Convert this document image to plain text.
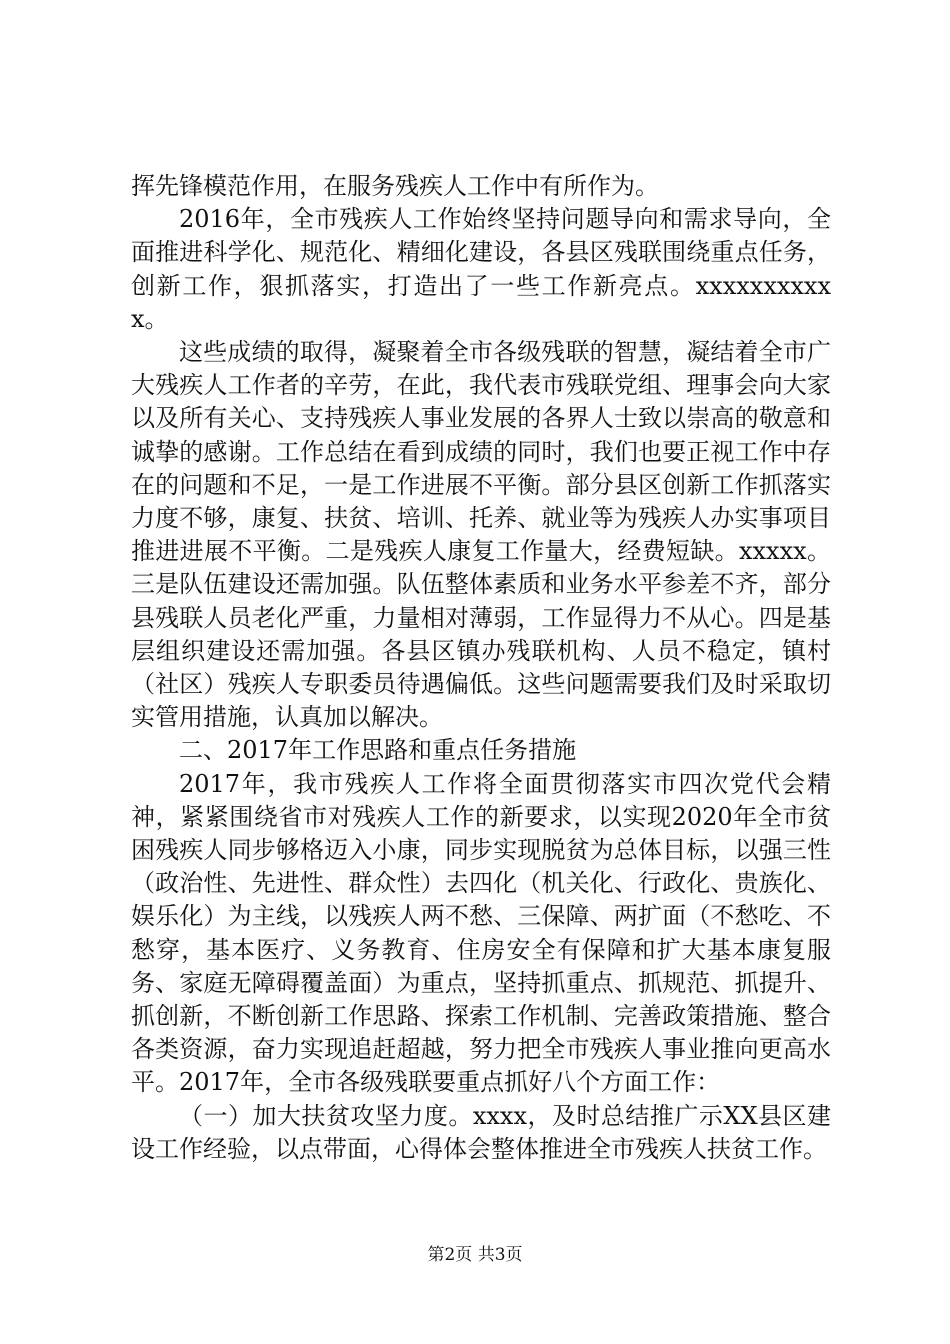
挥先锋模范作用，在服务残疾人工作中有所作为。

2016年，全市残疾人工作始终坚持问题导向和需求导向，全面推进科学化、规范化、精细化建设，各县区残联围绕重点任务，创新工作，狠抓落实，打造出了一些工作新亮点。xxxxxxxxxxx。

这些成绩的取得，凝聚着全市各级残联的智慧，凝结着全市广大残疾人工作者的辛劳，在此，我代表市残联党组、理事会向大家以及所有关心、支持残疾人事业发展的各界人士致以崇高的敬意和诚挚的感谢。工作总结在看到成绩的同时，我们也要正视工作中存在的问题和不足，一是工作进展不平衡。部分县区创新工作抓落实力度不够，康复、扶贫、培训、托养、就业等为残疾人办实事项目推进进展不平衡。二是残疾人康复工作量大，经费短缺。xxxxx。三是队伍建设还需加强。队伍整体素质和业务水平参差不齐，部分县残联人员老化严重，力量相对薄弱，工作显得力不从心。四是基层组织建设还需加强。各县区镇办残联机构、人员不稳定，镇村（社区）残疾人专职委员待遇偏低。这些问题需要我们及时采取切实管用措施，认真加以解决。

二、2017年工作思路和重点任务措施

2017年，我市残疾人工作将全面贯彻落实市四次党代会精神，紧紧围绕省市对残疾人工作的新要求，以实现2020年全市贫困残疾人同步够格迈入小康，同步实现脱贫为总体目标，以强三性（政治性、先进性、群众性）去四化（机关化、行政化、贵族化、娱乐化）为主线，以残疾人两不愁、三保障、两扩面（不愁吃、不愁穿，基本医疗、义务教育、住房安全有保障和扩大基本康复服务、家庭无障碍覆盖面）为重点，坚持抓重点、抓规范、抓提升、抓创新，不断创新工作思路、探索工作机制、完善政策措施、整合各类资源，奋力实现追赶超越，努力把全市残疾人事业推向更高水平。2017年，全市各级残联要重点抓好八个方面工作：

（一）加大扶贫攻坚力度。xxxx，及时总结推广示XX县区建设工作经验，以点带面，心得体会整体推进全市残疾人扶贫工作。

第2页 共3页
